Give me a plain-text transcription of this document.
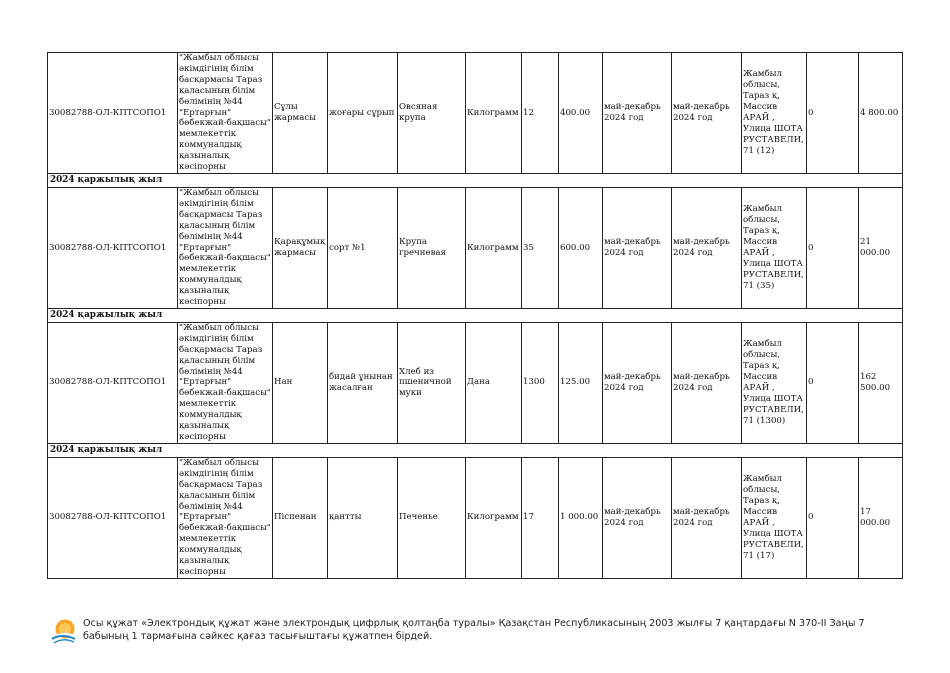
30082788-ОЛ-КПТСОПО1	"Жамбыл облысы әкімдігінің білім басқармасы Тараз қаласының білім бөлімінің №44 "Ертарғын" бөбекжай-бақшасы" мемлекеттік коммуналдық қазыналық кәсіпорны	Сұлы жармасы	жоғары сұрып	Овсяная крупа	Килограмм	12	400.00	май-декабрь 2024 год	май-декабрь 2024 год	Жамбыл облысы, Тараз қ, Массив АРАЙ , Улица ШОТА РУСТАВЕЛИ, 71 (12)	0	4 800.00
2024 қаржылық жыл												
30082788-ОЛ-КПТСОПО1	"Жамбыл облысы әкімдігінің білім басқармасы Тараз қаласының білім бөлімінің №44 "Ертарғын" бөбекжай-бақшасы" мемлекеттік коммуналдық қазыналық кәсіпорны	Қарақұмық жармасы	сорт №1	Крупа гречневая	Килограмм	35	600.00	май-декабрь 2024 год	май-декабрь 2024 год	Жамбыл облысы, Тараз қ, Массив АРАЙ , Улица ШОТА РУСТАВЕЛИ, 71 (35)	0	21 000.00
2024 қаржылық жыл												
30082788-ОЛ-КПТСОПО1	"Жамбыл облысы әкімдігінің білім басқармасы Тараз қаласының білім бөлімінің №44 "Ертарғын" бөбекжай-бақшасы" мемлекеттік коммуналдық қазыналық кәсіпорны	Нан	бидай ұнынан жасалған	Хлеб из пшеничной муки	Дана	1300	125.00	май-декабрь 2024 год	май-декабрь 2024 год	Жамбыл облысы, Тараз қ, Массив АРАЙ , Улица ШОТА РУСТАВЕЛИ, 71 (1300)	0	162 500.00
2024 қаржылық жыл												
30082788-ОЛ-КПТСОПО1	"Жамбыл облысы әкімдігінің білім басқармасы Тараз қаласының білім бөлімінің №44 "Ертарғын" бөбекжай-бақшасы" мемлекеттік коммуналдық қазыналық кәсіпорны	Піспенан	қантты	Печенье	Килограмм	17	1 000.00	май-декабрь 2024 год	май-декабрь 2024 год	Жамбыл облысы, Тараз қ, Массив АРАЙ , Улица ШОТА РУСТАВЕЛИ, 71 (17)	0	17 000.00
Осы құжат «Электрондық құжат және электрондық цифрлық қолтаңба туралы» Қазақстан Республикасының 2003 жылғы 7 қаңтардағы N 370-II Заңы 7 бабының 1 тармағына сәйкес қағаз тасығыштағы құжатпен бірдей.
